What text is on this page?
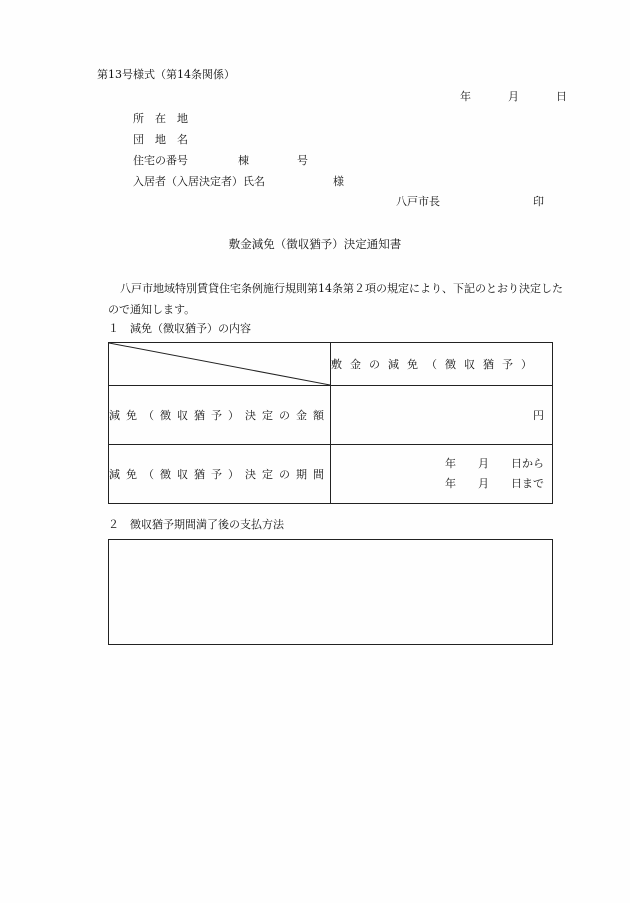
第13号様式（第14条関係）
年	月	日
所　在　地
団　地　名
住宅の番号	棟	号
入居者（入居決定者）氏名	様
八戸市長	印
敷金減免（徴収猶予）決定通知書
八戸市地域特別賃貸住宅条例施行規則第14条第２項の規定により、下記のとおり決定したので通知します。
１　減免（徴収猶予）の内容
	敷金の減免（徴収猶予）
減免（徴収猶予）決定の金額	円
減免（徴収猶予）決定の期間	年　　月　　日から
年　　月　　日まで
２　徴収猶予期間満了後の支払方法
